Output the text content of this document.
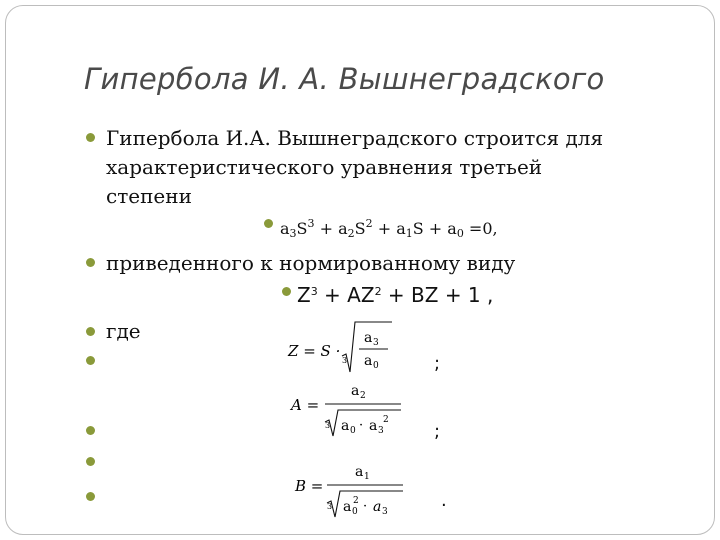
Гипербола И. А. Вышнеградского
Гипербола И.А. Вышнеградского строится для
характеристического уравнения третьей
степени
$a_3S^3 + a_2S^2 + a_1S + a_0 =0$,
приведенного к нормированному виду
$Z^3 + AZ^2$ + BZ + 1 ,
где
Z = S ·
3
a 3
a 0	;
A =
a 2
3 a 0 · a 3
2
;
B =
a 1
3 a 0
2 · a 3
.
